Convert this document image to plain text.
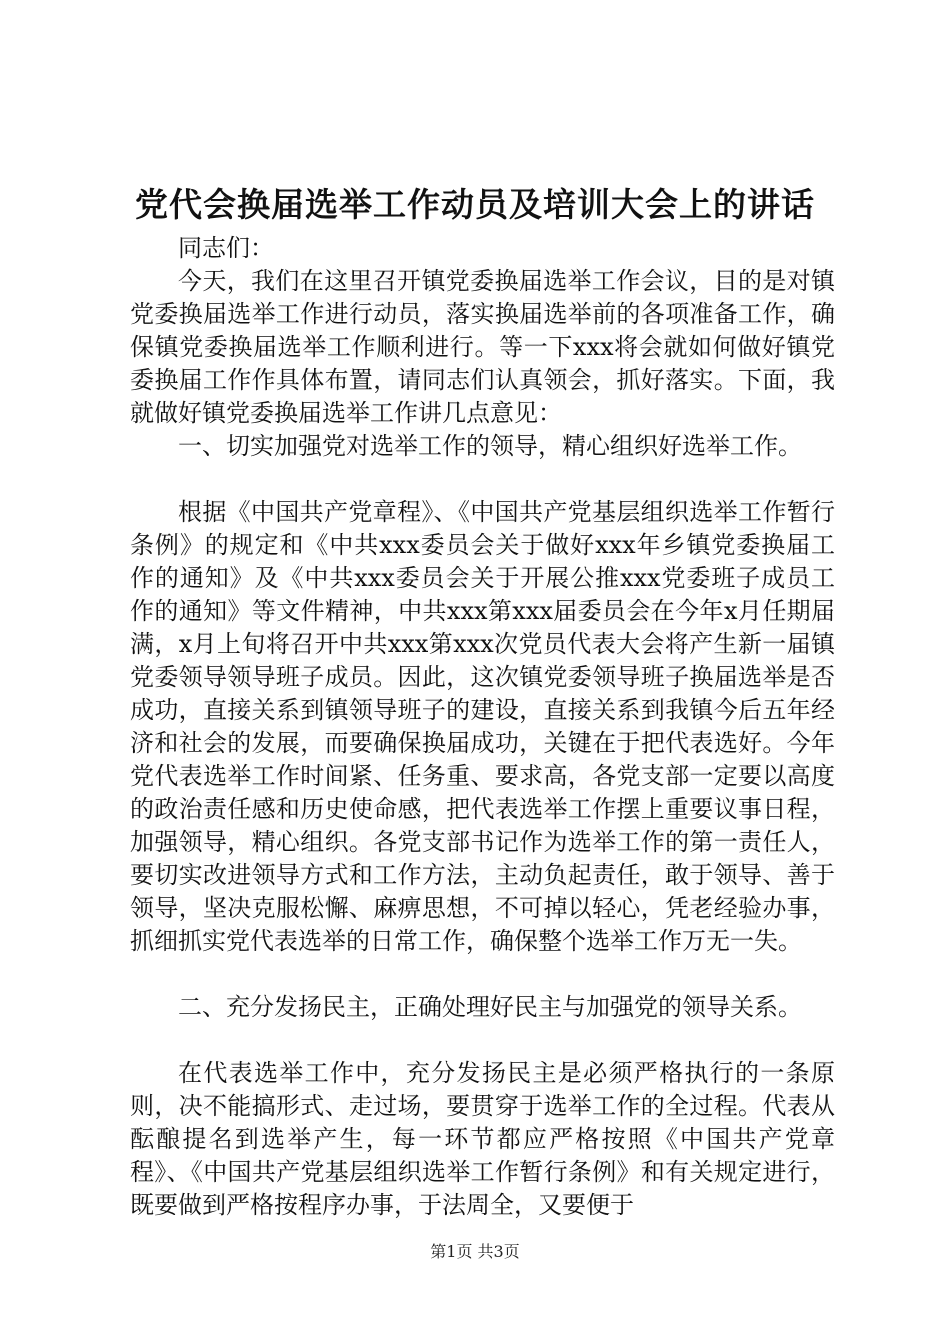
党代会换届选举工作动员及培训大会上的讲话

同志们：

今天，我们在这里召开镇党委换届选举工作会议，目的是对镇党委换届选举工作进行动员，落实换届选举前的各项准备工作，确保镇党委换届选举工作顺利进行。等一下xxx将会就如何做好镇党委换届工作作具体布置，请同志们认真领会，抓好落实。下面，我就做好镇党委换届选举工作讲几点意见：

一、切实加强党对选举工作的领导，精心组织好选举工作。

根据《中国共产党章程》、《中国共产党基层组织选举工作暂行条例》的规定和《中共xxx委员会关于做好xxx年乡镇党委换届工作的通知》及《中共xxx委员会关于开展公推xxx党委班子成员工作的通知》等文件精神，中共xxx第xxx届委员会在今年x月任期届满，x月上旬将召开中共xxx第xxx次党员代表大会将产生新一届镇党委领导领导班子成员。因此，这次镇党委领导班子换届选举是否成功，直接关系到镇领导班子的建设，直接关系到我镇今后五年经济和社会的发展，而要确保换届成功，关键在于把代表选好。今年党代表选举工作时间紧、任务重、要求高，各党支部一定要以高度的政治责任感和历史使命感，把代表选举工作摆上重要议事日程，加强领导，精心组织。各党支部书记作为选举工作的第一责任人，要切实改进领导方式和工作方法，主动负起责任，敢于领导、善于领导，坚决克服松懈、麻痹思想，不可掉以轻心，凭老经验办事，抓细抓实党代表选举的日常工作，确保整个选举工作万无一失。

二、充分发扬民主，正确处理好民主与加强党的领导关系。

在代表选举工作中，充分发扬民主是必须严格执行的一条原则，决不能搞形式、走过场，要贯穿于选举工作的全过程。代表从酝酿提名到选举产生，每一环节都应严格按照《中国共产党章程》、《中国共产党基层组织选举工作暂行条例》和有关规定进行，既要做到严格按程序办事，于法周全，又要便于

第1页 共3页
